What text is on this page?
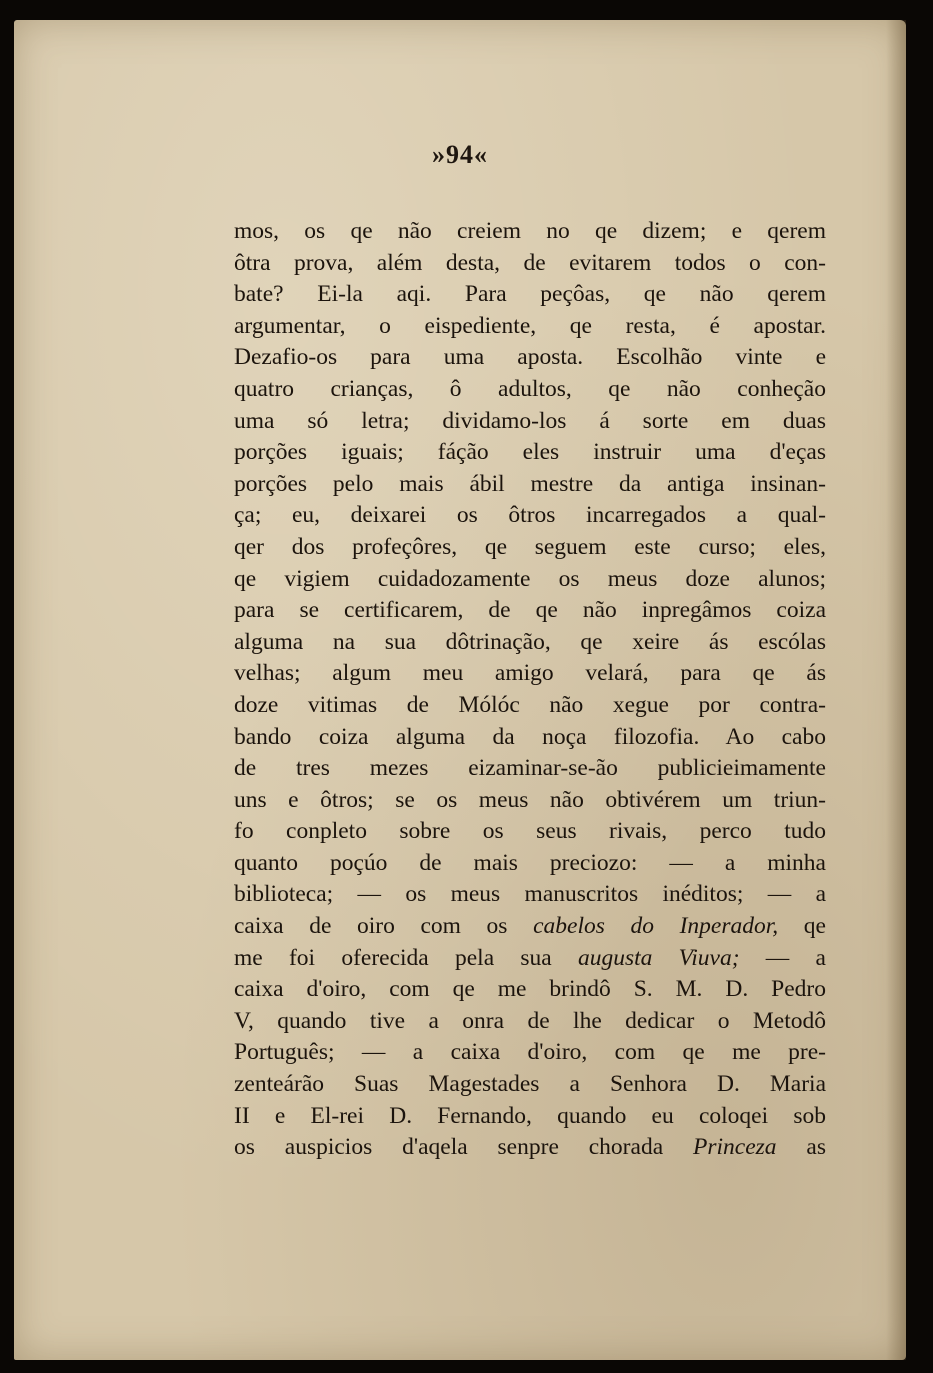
»94«
mos, os qe não creiem no qe dizem; e qerem
ôtra prova, além desta, de evitarem todos o con-
bate? Ei-la aqi. Para peçôas, qe não qerem
argumentar, o eispediente, qe resta, é apostar.
Dezafio-os para uma aposta. Escolhão vinte e
quatro crianças, ô adultos, qe não conheção
uma só letra; dividamo-los á sorte em duas
porções iguais; fáção eles instruir uma d'eças
porções pelo mais ábil mestre da antiga insinan-
ça; eu, deixarei os ôtros incarregados a qual-
qer dos profeçôres, qe seguem este curso; eles,
qe vigiem cuidadozamente os meus doze alunos;
para se certificarem, de qe não inpregâmos coiza
alguma na sua dôtrinação, qe xeire ás escólas
velhas; algum meu amigo velará, para qe ás
doze vitimas de Mólóc não xegue por contra-
bando coiza alguma da noça filozofia. Ao cabo
de tres mezes eizaminar-se-ão publicieimamente
uns e ôtros; se os meus não obtivérem um triun-
fo conpleto sobre os seus rivais, perco tudo
quanto poçúo de mais preciozo: — a minha
biblioteca; — os meus manuscritos inéditos; — a
caixa de oiro com os cabelos do Inperador, qe
me foi oferecida pela sua augusta Viuva; — a
caixa d'oiro, com qe me brindô S. M. D. Pedro
V, quando tive a onra de lhe dedicar o Metodô
Português; — a caixa d'oiro, com qe me pre-
zenteárão Suas Magestades a Senhora D. Maria
II e El-rei D. Fernando, quando eu coloqei sob
os auspicios d'aqela senpre chorada Princeza as
